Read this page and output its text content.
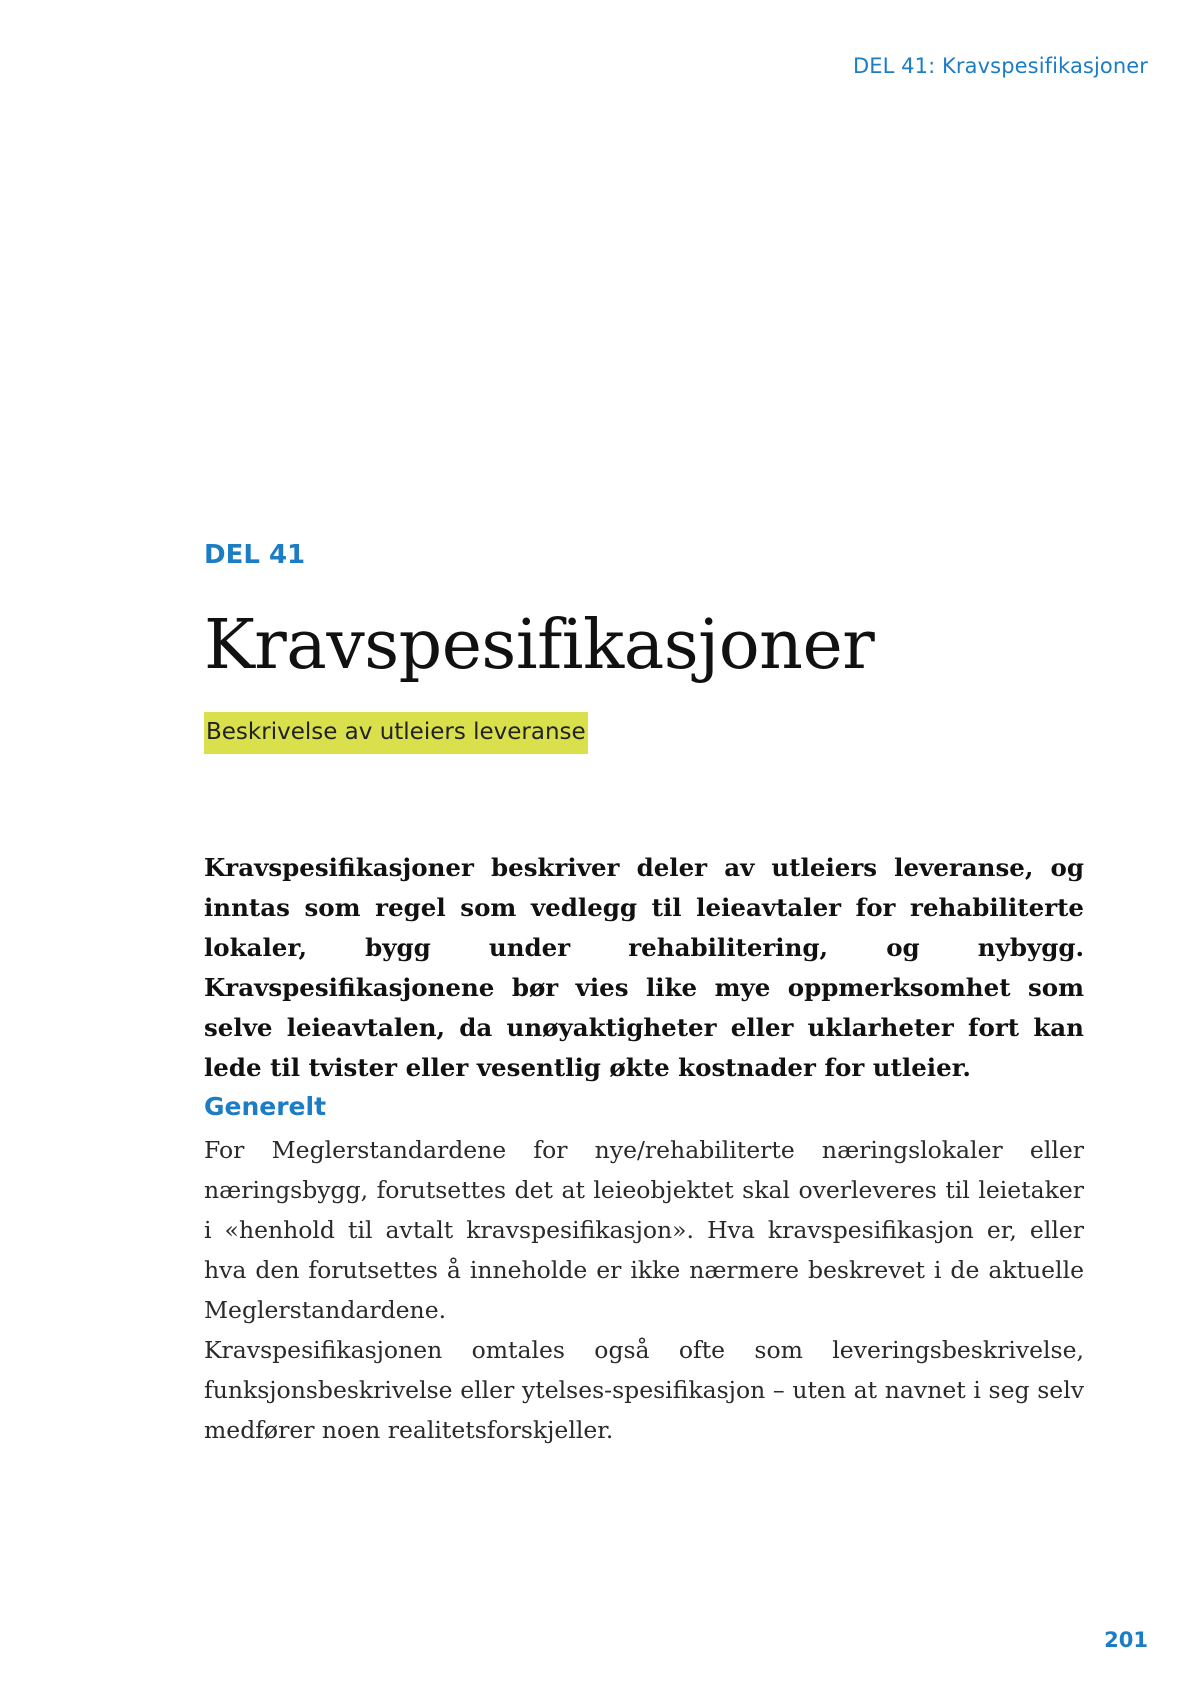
DEL 41: Kravspesifikasjoner
DEL 41
Kravspesifikasjoner
Beskrivelse av utleiers leveranse

Kravspesifikasjoner beskriver deler av utleiers leveranse, og inntas som regel som vedlegg til leieavtaler for rehabiliterte lokaler, bygg under rehabilitering, og nybygg. Kravspesifikasjonene bør vies like mye oppmerksomhet som selve leieavtalen, da unøyaktigheter eller uklarheter fort kan lede til tvister eller vesentlig økte kostnader for utleier.

Generelt

For Meglerstandardene for nye/rehabiliterte næringslokaler eller næringsbygg, forutsettes det at leieobjektet skal overleveres til leietaker i «henhold til avtalt kravspesifikasjon». Hva kravspesifikasjon er, eller hva den forutsettes å inneholde er ikke nærmere beskrevet i de aktuelle Meglerstandardene.

Kravspesifikasjonen omtales også ofte som leveringsbeskrivelse, funksjonsbeskrivelse eller ytelses-spesifikasjon – uten at navnet i seg selv medfører noen realitetsforskjeller.

201
